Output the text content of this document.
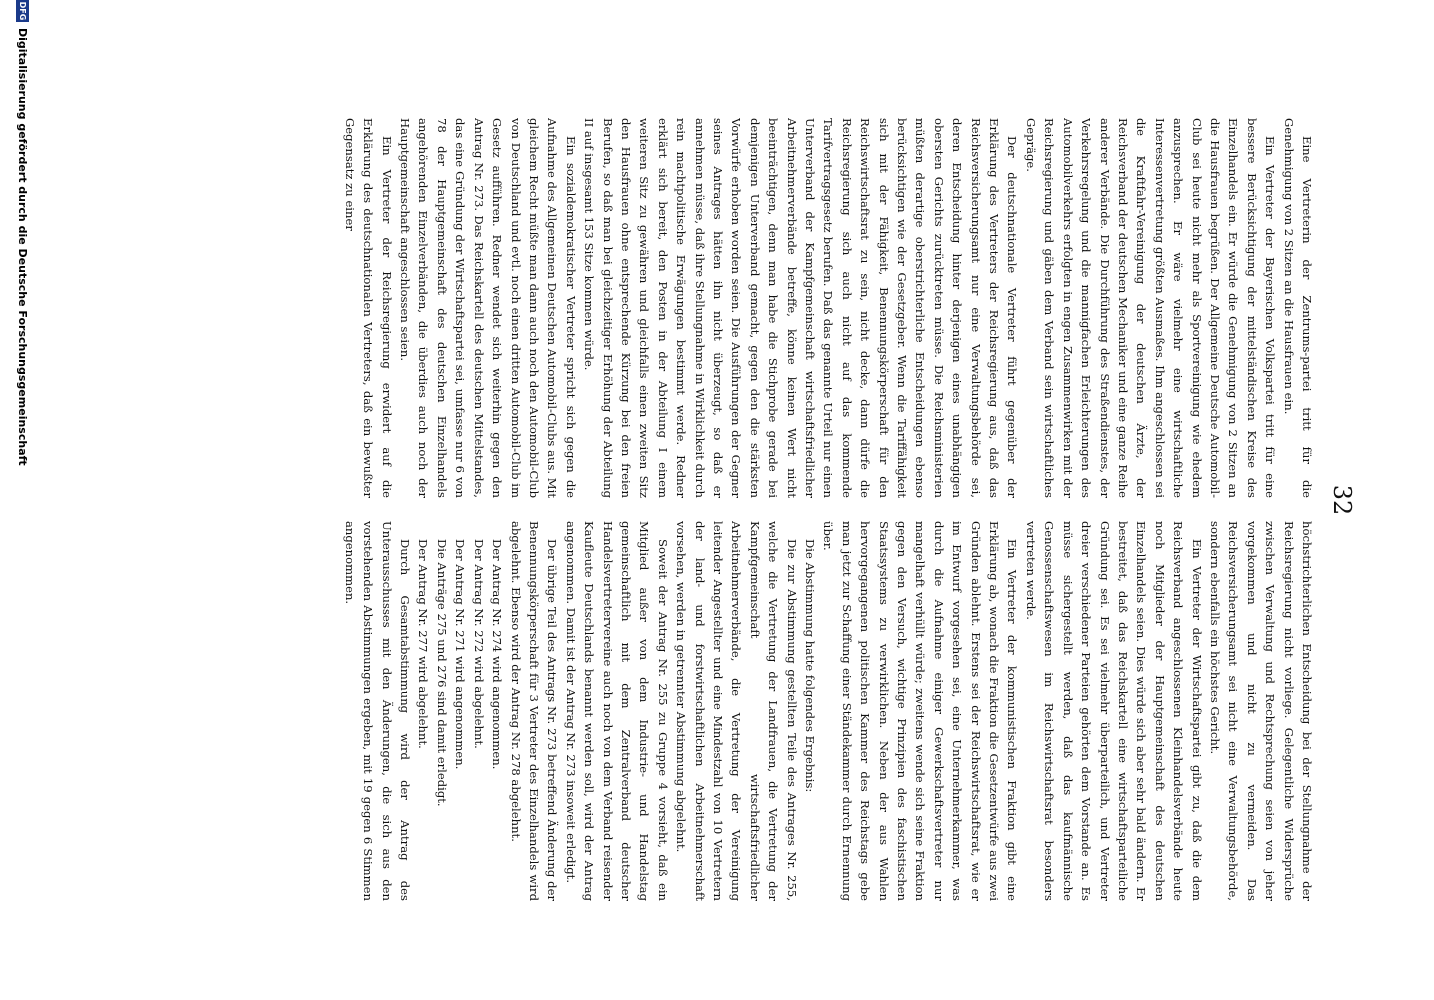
32

Eine Vertreterin der Zentrums-partei tritt für die Genehmigung von 2 Sitzen an die Hausfrauen ein.

Ein Vertreter der Bayerischen Volkspartei tritt für eine bessere Berücksichtigung der mittelständischen Kreise des Einzelhandels ein. Er würde die Genehmigung von 2 Sitzen an die Hausfrauen begrüßen. Der Allgemeine Deutsche Automobil-Club sei heute nicht mehr als Sportvereinigung wie ehedem anzusprechen. Er wäre vielmehr eine wirtschaftliche Interessenvertretung größten Ausmaßes. Ihm angeschlossen sei die Kraftfahr-Vereinigung der deutschen Ärzte, der Reichsverband der deutschen Mechaniker und eine ganze Reihe anderer Verbände. Die Durchführung des Straßendienstes, der Verkehrsregelung und die mannigfachen Erleichterungen des Automobilverkehrs erfolgten in engen Zusammenwirken mit der Reichsregierung und gäben dem Verband sein wirtschaftliches Gepräge.

Der deutschnationale Vertreter führt gegenüber der Erklärung des Vertreters der Reichsregierung aus, daß das Reichsversicherungsamt nur eine Verwaltungsbehörde sei, deren Entscheidung hinter derjenigen eines unabhängigen obersten Gerichts zurücktreten müsse. Die Reichsministerien müßten derartige oberstrichterliche Entscheidungen ebenso berücksichtigen wie der Gesetzgeber. Wenn die Tariffähigkeit sich mit der Fähigkeit, Benennungskörperschaft für den Reichswirtschaftsrat zu sein, nicht decke, dann dürfe die Reichsregierung sich auch nicht auf das kommende Tarifvertragsgesetz berufen. Daß das genannte Urteil nur einen Unterverband der Kampfgemeinschaft wirtschaftsfriedlicher Arbeitnehmerverbände betreffe, könne keinen Wert nicht beeinträchtigen, denn man habe die Stichprobe gerade bei demjenigen Unterverband gemacht, gegen den die stärksten Vorwürfe erhoben worden seien. Die Ausführungen der Gegner seines Antrages hätten ihn nicht überzeugt, so daß er annehmen müsse, daß ihre Stellungnahme in Wirklichkeit durch rein machtpolitische Erwägungen bestimmt werde. Redner erklärt sich bereit, den Posten in der Abteilung I einem weiteren Sitz zu gewähren und gleichfalls einen zweiten Sitz den Hausfrauen ohne entsprechende Kürzung bei den freien Berufen, so daß man bei gleichzeitiger Erhöhung der Abteilung II auf insgesamt 153 Sitze kommen würde.

Ein sozialdemokratischer Vertreter spricht sich gegen die Aufnahme des Allgemeinen Deutschen Automobil-Clubs aus. Mit gleichem Recht müßte man dann auch noch den Automobil-Club von Deutschland und evtl. noch einen dritten Automobil-Club im Gesetz aufführen. Redner wendet sich weiterhin gegen den Antrag Nr. 273. Das Reichskartell des deutschen Mittelstandes, das eine Gründung der Wirtschaftspartei sei, umfasse nur 6 von 78 der Hauptgemeinschaft des deutschen Einzelhandels angehörenden Einzelverbänden, die überdies auch noch der Hauptgemeinschaft angeschlossen seien.

Ein Vertreter der Reichsregierung erwidert auf die Erklärung des deutschnationalen Vertreters, daß ein bewußter Gegensatz zu einer

höchstrichterlichen Entscheidung bei der Stellungnahme der Reichsregierung nicht vorliege. Gelegentliche Widersprüche zwischen Verwaltung und Rechtsprechung seien von jeher vorgekommen und nicht zu vermeiden. Das Reichsversicherungsamt sei nicht eine Verwaltungsbehörde, sondern ebenfalls ein höchstes Gericht.

Ein Vertreter der Wirtschaftspartei gibt zu, daß die dem Reichsverband angeschlossenen Kleinhandelsverbände heute noch Mitglieder der Hauptgemeinschaft des deutschen Einzelhandels seien. Dies würde sich aber sehr bald ändern. Er bestreitet, daß das Reichskartell eine wirtschaftsparteiliche Gründung sei. Es sei vielmehr überparteilich, und Vertreter dreier verschiedener Parteien gehörten dem Vorstande an. Es müsse sichergestellt werden, daß das kaufmännische Genossenschaftswesen im Reichswirtschaftsrat besonders vertreten werde.

Ein Vertreter der kommunistischen Fraktion gibt eine Erklärung ab, wonach die Fraktion die Gesetzentwürfe aus zwei Gründen ablehnt. Erstens sei der Reichswirtschaftsrat, wie er im Entwurf vorgesehen sei, eine Unternehmerkammer, was durch die Aufnahme einiger Gewerkschaftsvertreter nur mangelhaft verhüllt würde; zweitens wende sich seine Fraktion gegen den Versuch, wichtige Prinzipien des faschistischen Staatssystems zu verwirklichen. Neben der aus Wahlen hervorgegangenen politischen Kammer des Reichstags gebe man jetzt zur Schaffung einer Ständekammer durch Ernennung über.

Die Abstimmung hatte folgendes Ergebnis:

Die zur Abstimmung gestellten Teile des Antrages Nr. 255, welche die Vertretung der Landfrauen, die Vertretung der Kampfgemeinschaft wirtschaftsfriedlicher Arbeitnehmerverbände, die Vertretung der Vereinigung leitender Angestellter und eine Mindestzahl von 10 Vertretern der land- und forstwirtschaftlichen Arbeitnehmerschaft vorsehen, werden in getrennter Abstimmung abgelehnt.

Soweit der Antrag Nr. 255 zu Gruppe 4 vorsieht, daß ein Mitglied außer von dem Industrie- und Handelstag gemeinschaftlich mit dem Zentralverband deutscher Handelsvertretervereine auch noch von dem Verband reisender Kaufleute Deutschlands benannt werden soll, wird der Antrag angenommen. Damit ist der Antrag Nr. 273 insoweit erledigt.

Der übrige Teil des Antrags Nr. 273 betreffend Änderung der Benennungskörperschaft für 3 Vertreter des Einzelhandels wird abgelehnt. Ebenso wird der Antrag Nr. 278 abgelehnt.

Der Antrag Nr. 274 wird angenommen.

Der Antrag Nr. 272 wird abgelehnt.

Der Antrag Nr. 271 wird angenommen.

Die Anträge 275 und 276 sind damit erledigt.

Der Antrag Nr. 277 wird abgelehnt.

Durch Gesamtabstimmung wird der Antrag des Unterausschusses mit den Änderungen, die sich aus den vorstehenden Abstimmungen ergeben, mit 19 gegen 6 Stimmen angenommen.

DFG
Digitalisierung gefördert durch die Deutsche Forschungsgemeinschaft
